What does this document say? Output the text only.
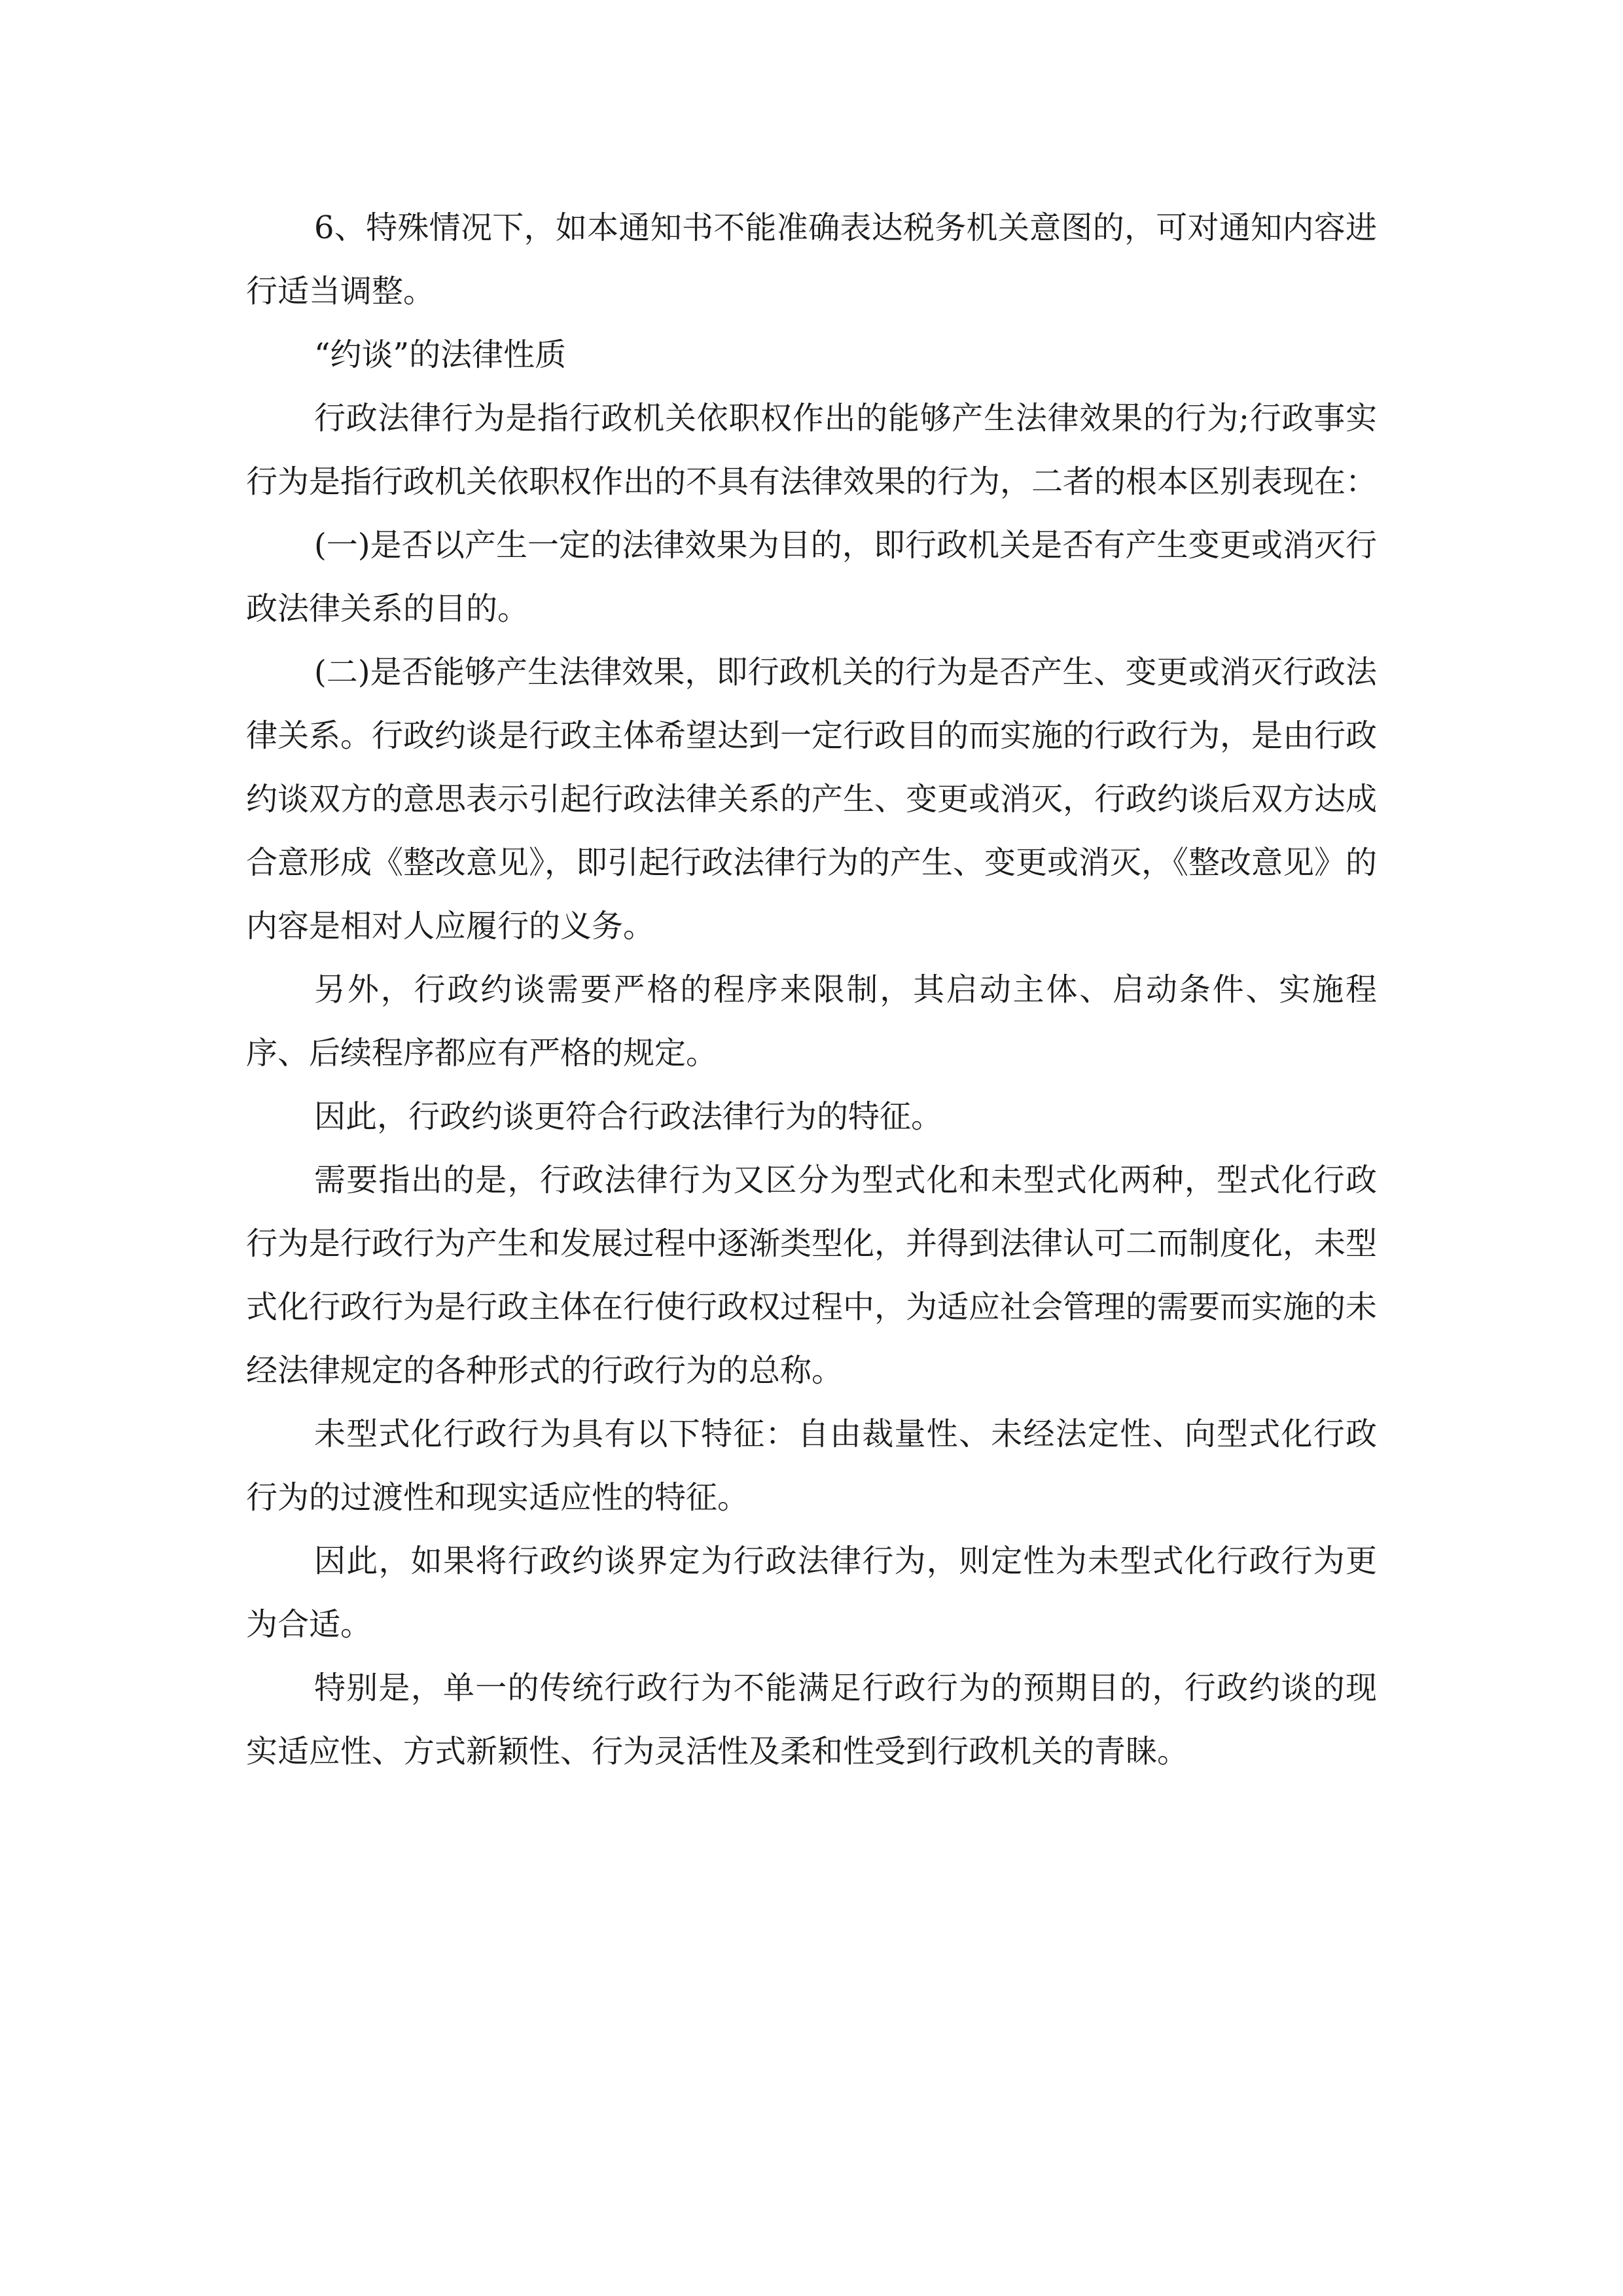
6、特殊情况下，如本通知书不能准确表达税务机关意图的，可对通知内容进行适当调整。

“约谈”的法律性质

行政法律行为是指行政机关依职权作出的能够产生法律效果的行为;行政事实行为是指行政机关依职权作出的不具有法律效果的行为，二者的根本区别表现在：

(一)是否以产生一定的法律效果为目的，即行政机关是否有产生变更或消灭行政法律关系的目的。

(二)是否能够产生法律效果，即行政机关的行为是否产生、变更或消灭行政法律关系。行政约谈是行政主体希望达到一定行政目的而实施的行政行为，是由行政约谈双方的意思表示引起行政法律关系的产生、变更或消灭，行政约谈后双方达成合意形成《整改意见》，即引起行政法律行为的产生、变更或消灭，《整改意见》的内容是相对人应履行的义务。

另外，行政约谈需要严格的程序来限制，其启动主体、启动条件、实施程序、后续程序都应有严格的规定。

因此，行政约谈更符合行政法律行为的特征。

需要指出的是，行政法律行为又区分为型式化和未型式化两种，型式化行政行为是行政行为产生和发展过程中逐渐类型化，并得到法律认可二而制度化，未型式化行政行为是行政主体在行使行政权过程中，为适应社会管理的需要而实施的未经法律规定的各种形式的行政行为的总称。

未型式化行政行为具有以下特征：自由裁量性、未经法定性、向型式化行政行为的过渡性和现实适应性的特征。

因此，如果将行政约谈界定为行政法律行为，则定性为未型式化行政行为更为合适。

特别是，单一的传统行政行为不能满足行政行为的预期目的，行政约谈的现实适应性、方式新颖性、行为灵活性及柔和性受到行政机关的青睐。
